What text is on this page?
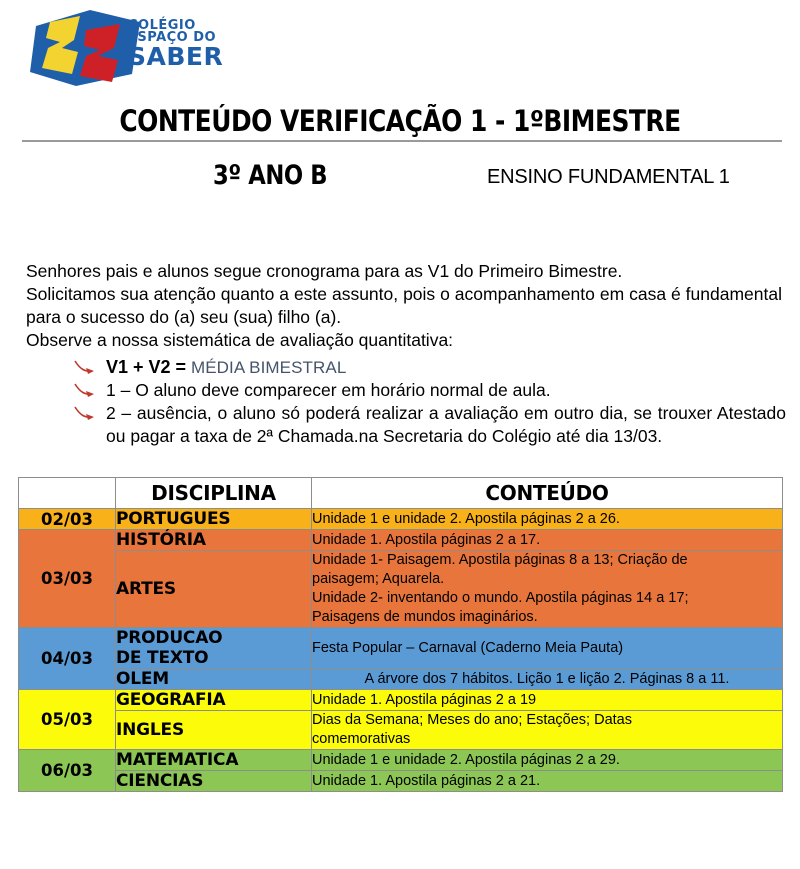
COLÉGIO
ESPAÇO DO
SABER
CONTEÚDO VERIFICAÇÃO 1 - 1ºBIMESTRE
3º ANO B	ENSINO FUNDAMENTAL 1

Senhores pais e alunos segue cronograma para as V1 do Primeiro Bimestre.

Solicitamos sua atenção quanto a este assunto, pois o acompanhamento em casa é fundamental para o sucesso do (a) seu (sua) filho (a).

Observe a nossa sistemática de avaliação quantitativa:

V1 + V2 = MÉDIA BIMESTRAL
1 – O aluno deve comparecer em horário normal de aula.
2 – ausência, o aluno só poderá realizar a avaliação em outro dia, se trouxer Atestado ou pagar a taxa de 2ª Chamada.na Secretaria do Colégio até dia 13/03.
	DISCIPLINA	CONTEÚDO
02/03	PORTUGUES	Unidade 1 e unidade 2. Apostila páginas 2 a 26.

03/03	HISTÓRIA	Unidade 1. Apostila páginas 2 a 17.

	ARTES	Unidade 1- Paisagem. Apostila páginas 8 a 13; Criação de
paisagem; Aquarela.
Unidade 2- inventando o mundo. Apostila páginas 14 a 17;
Paisagens de mundos imaginários.

04/03	PRODUCAO
DE TEXTO	Festa Popular – Carnaval (Caderno Meia Pauta)

	OLEM	A árvore dos 7 hábitos. Lição 1 e lição 2. Páginas 8 a 11.

05/03	GEOGRAFIA	Unidade 1. Apostila páginas 2 a 19

	INGLES	Dias da Semana; Meses do ano; Estações; Datas
comemorativas

06/03	MATEMATICA	Unidade 1 e unidade 2. Apostila páginas 2 a 29.

	CIENCIAS	Unidade 1. Apostila páginas 2 a 21.
